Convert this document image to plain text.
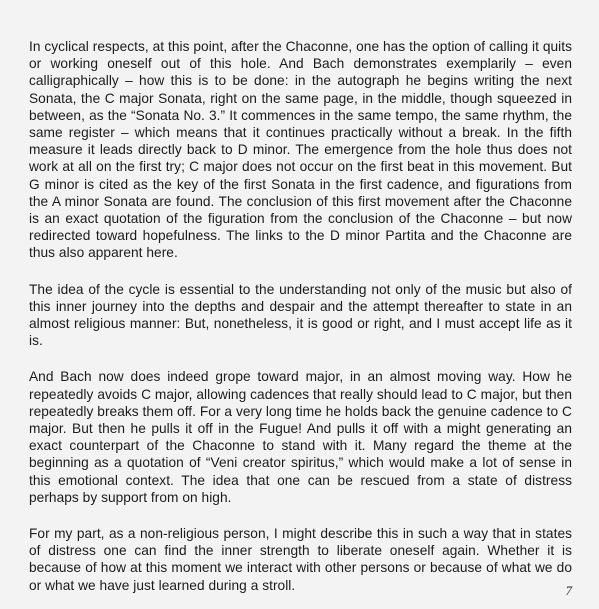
In cyclical respects, at this point, after the Chaconne, one has the option of calling it quits or working oneself out of this hole. And Bach demonstrates exemplarily – even calligraphically – how this is to be done: in the autograph he begins writing the next Sonata, the C major Sonata, right on the same page, in the middle, though squeezed in between, as the “Sonata No. 3.” It commences in the same tempo, the same rhythm, the same register – which means that it continues practically without a break. In the fifth measure it leads directly back to D minor. The emergence from the hole thus does not work at all on the first try; C major does not occur on the first beat in this movement. But G minor is cited as the key of the first Sonata in the first cadence, and figurations from the A minor Sonata are found. The conclusion of this first movement after the Chaconne is an exact quotation of the figuration from the conclusion of the Chaconne – but now redirected toward hopefulness. The links to the D minor Partita and the Chaconne are thus also apparent here.

The idea of the cycle is essential to the understanding not only of the music but also of this inner journey into the depths and despair and the attempt thereafter to state in an almost religious manner: But, nonetheless, it is good or right, and I must accept life as it is.

And Bach now does indeed grope toward major, in an almost moving way. How he repeatedly avoids C major, allowing cadences that really should lead to C major, but then repeatedly breaks them off. For a very long time he holds back the genuine cadence to C major. But then he pulls it off in the Fugue! And pulls it off with a might generating an exact counterpart of the Chaconne to stand with it. Many regard the theme at the beginning as a quotation of “Veni creator spiritus,” which would make a lot of sense in this emotional context. The idea that one can be rescued from a state of distress perhaps by support from on high.

For my part, as a non-religious person, I might describe this in such a way that in states of distress one can find the inner strength to liberate oneself again. Whether it is because of how at this moment we interact with other persons or because of what we do or what we have just learned during a stroll.	7
